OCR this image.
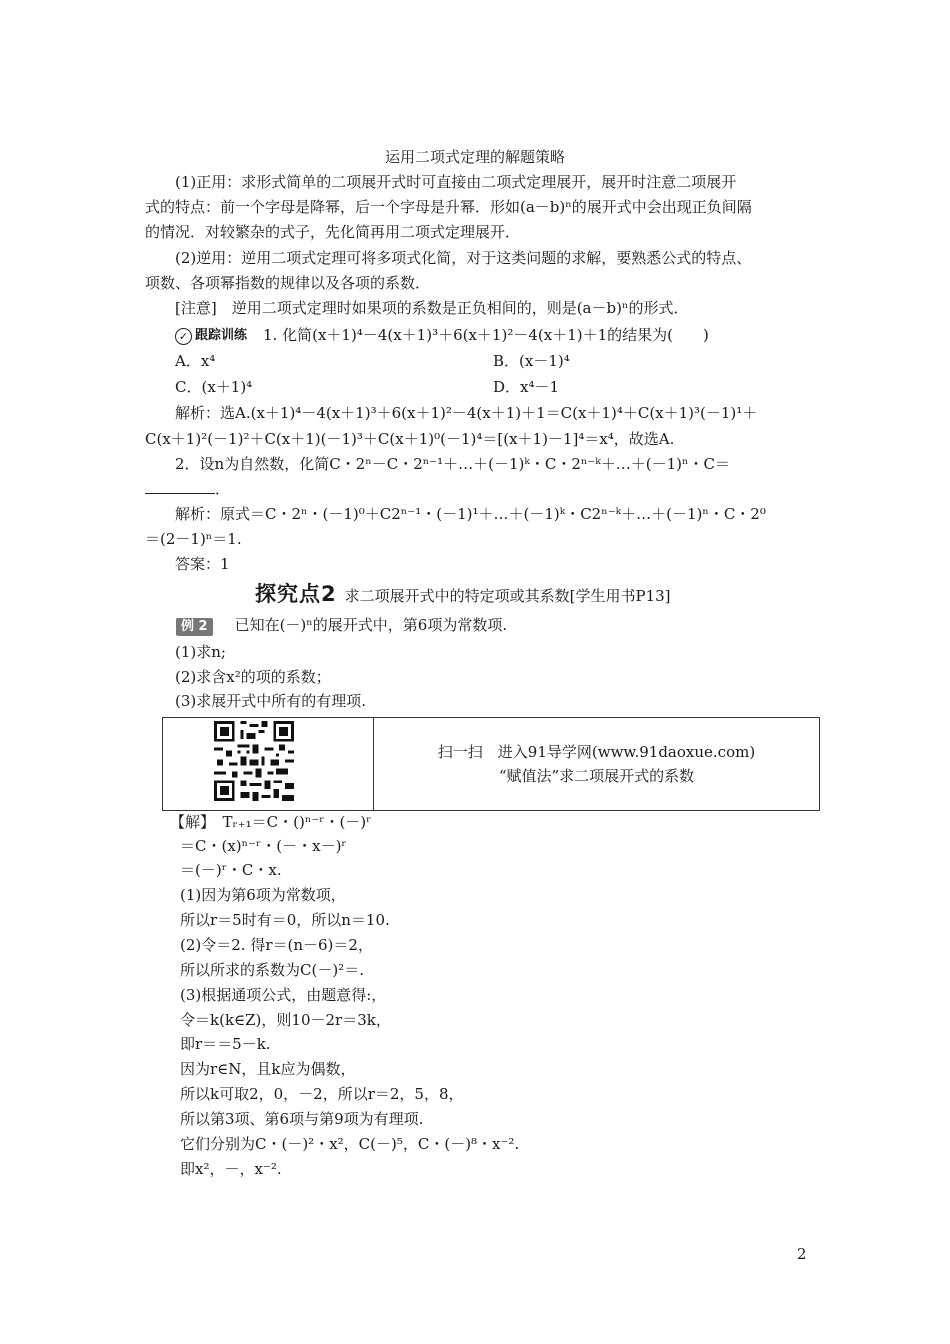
运用二项式定理的解题策略
(1)正用：求形式简单的二项展开式时可直接由二项式定理展开，展开时注意二项展开
式的特点：前一个字母是降幂，后一个字母是升幂．形如(a－b)ⁿ的展开式中会出现正负间隔
的情况．对较繁杂的式子，先化简再用二项式定理展开．
(2)逆用：逆用二项式定理可将多项式化简，对于这类问题的求解，要熟悉公式的特点、
项数、各项幂指数的规律以及各项的系数．
[注意]　逆用二项式定理时如果项的系数是正负相间的，则是(a－b)ⁿ的形式．
✓ 跟踪训练 1. 化简(x＋1)⁴－4(x＋1)³＋6(x＋1)²－4(x＋1)＋1的结果为(　　)
A．x⁴	B．(x－1)⁴
C．(x＋1)⁴	D．x⁴－1
解析：选A.(x＋1)⁴－4(x＋1)³＋6(x＋1)²－4(x＋1)＋1＝C(x＋1)⁴＋C(x＋1)³(－1)¹＋
C(x＋1)²(－1)²＋C(x＋1)(－1)³＋C(x＋1)⁰(－1)⁴＝[(x＋1)－1]⁴＝x⁴，故选A.
2．设n为自然数，化简C・2ⁿ－C・2ⁿ⁻¹＋…＋(－1)ᵏ・C・2ⁿ⁻ᵏ＋…＋(－1)ⁿ・C＝
．
解析：原式＝C・2ⁿ・(－1)⁰＋C2ⁿ⁻¹・(－1)¹＋…＋(－1)ᵏ・C2ⁿ⁻ᵏ＋…＋(－1)ⁿ・C・2⁰
＝(2－1)ⁿ＝1.
答案：1
探究点2 求二项展开式中的特定项或其系数[学生用书P13]
例 2 已知在(－)ⁿ的展开式中，第6项为常数项.
(1)求n;
(2)求含x²的项的系数；
(3)求展开式中所有的有理项.
扫一扫　进入91导学网(www.91daoxue.com)
“赋值法”求二项展开式的系数
【解】　Tᵣ₊₁＝C・()ⁿ⁻ʳ・(－)ʳ
＝C・(x)ⁿ⁻ʳ・(－・x－)ʳ
＝(－)ʳ・C・x.
(1)因为第6项为常数项，
所以r＝5时有＝0，所以n＝10.
(2)令＝2. 得r＝(n－6)＝2，
所以所求的系数为C(－)²＝.
(3)根据通项公式，由题意得:，
令＝k(k∈Z)，则10－2r＝3k，
即r＝＝5－k.
因为r∈N，且k应为偶数，
所以k可取2，0，－2，所以r＝2，5，8，
所以第3项、第6项与第9项为有理项.
它们分别为C・(－)²・x²，C(－)⁵，C・(－)⁸・x⁻².
即x²，－，x⁻².
2
